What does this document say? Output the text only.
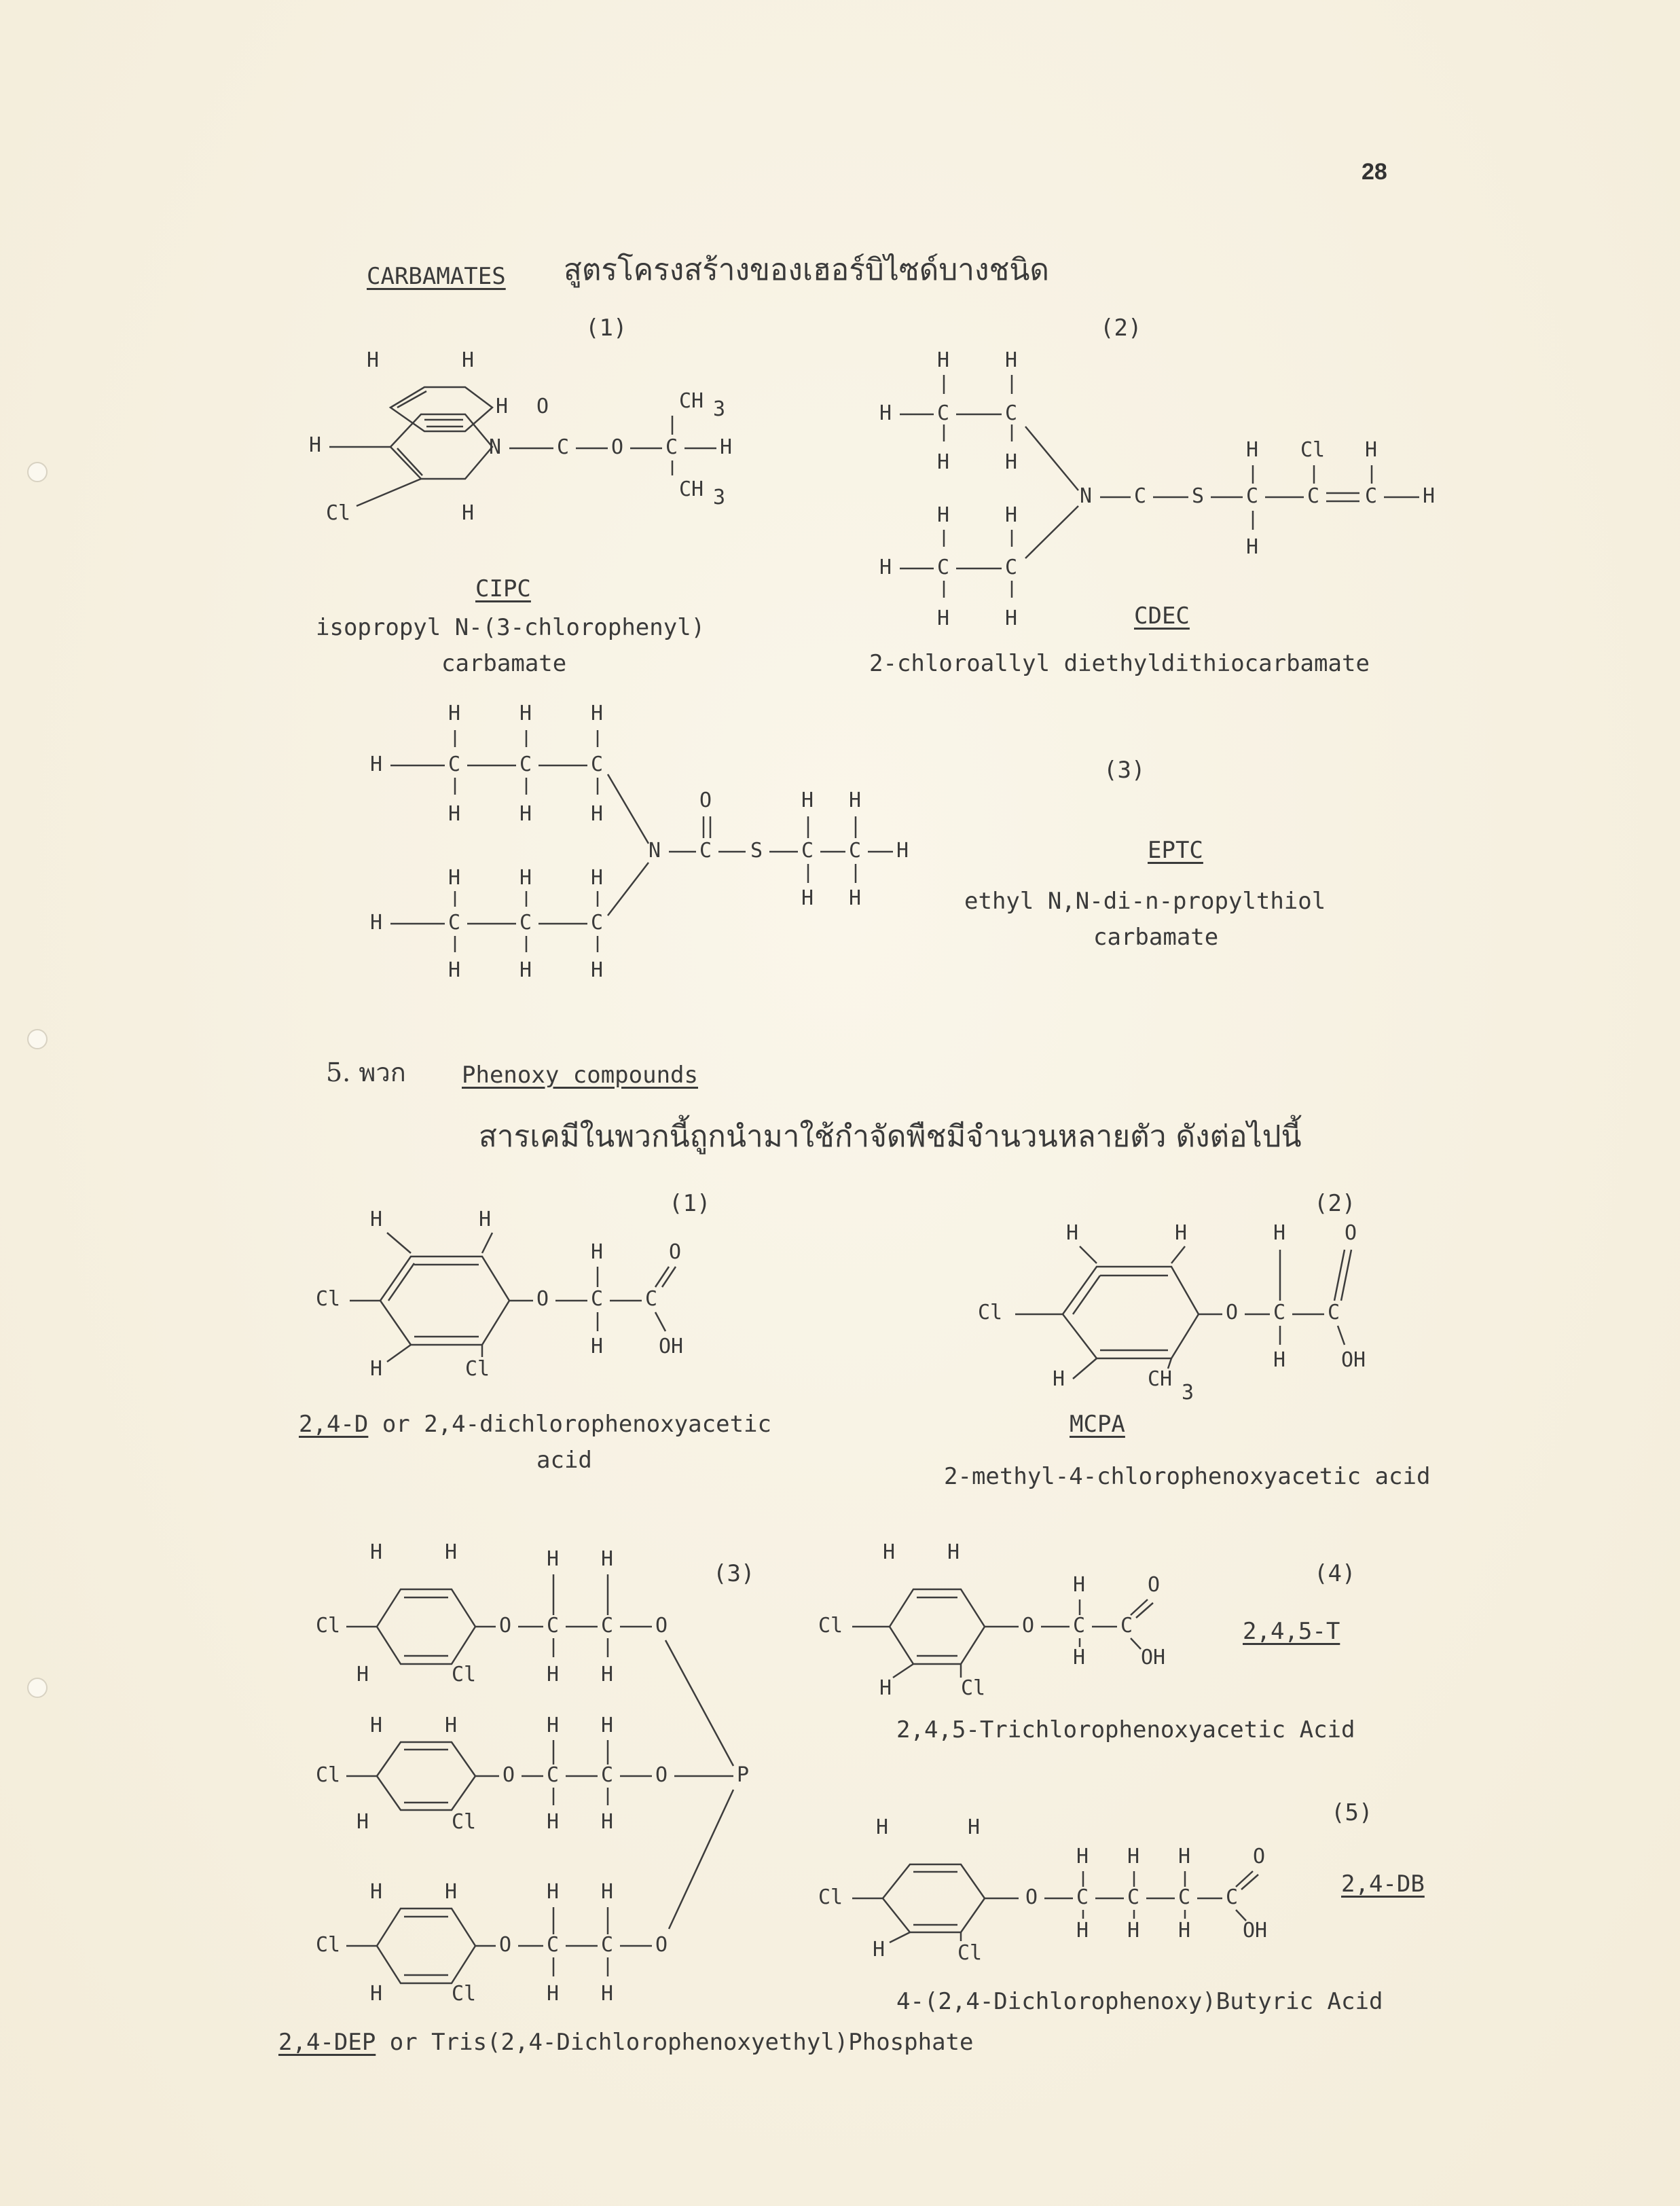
28
CARBAMATES สูตรโครงสร้างของเฮอร์บิไซด์บางชนิด
(1)	(2)
H	H
H
H O
N	C O C H
CH 3
CH 3
Cl	H
CIPC
isopropyl N-(3-chlorophenyl)
carbamate
H	H
H C	C
H	H
N C S C C C H
H Cl H
H
H	H
H C	C
H	H	CDEC
2-chloroallyl diethyldithiocarbamate
H	H	H
H	C	C	C
H	H	H
N C
O
S C C H
H H
H H
H	H	H
H	C	C	C
H	H	H
(3)
EPTC
ethyl N,N-di-n-propylthiol
carbamate
5. พวก Phenoxy compounds
สารเคมีในพวกนี้ถูกนำมาใช้กำจัดพืชมีจำนวนหลายตัว ดังต่อไปนี้
(1)	(2)
H	H
Cl	O C C
H	O
H	OH
H	Cl
2,4-D or 2,4-dichlorophenoxyacetic
acid
H	H
Cl	O C C
H	O
H	OH
H	CH
3
MCPA
2-methyl-4-chlorophenoxyacetic acid
H	H
Cl	O C C O
H H
H H
H	Cl
H	H
Cl	O C C O	P
H H
H H
H	Cl
H	H
Cl	O C C O
H H
H H
H	Cl
(3)
2,4-DEP or Tris(2,4-Dichlorophenoxyethyl)Phosphate
H	H
Cl	O C C
H
H
O
OH
H	Cl
(4)
2,4,5-T
2,4,5-Trichlorophenoxyacetic Acid
(5)
H	H
Cl	O C C C C
H H H
H H H
O
OH
H	Cl
2,4-DB
4-(2,4-Dichlorophenoxy)Butyric Acid
